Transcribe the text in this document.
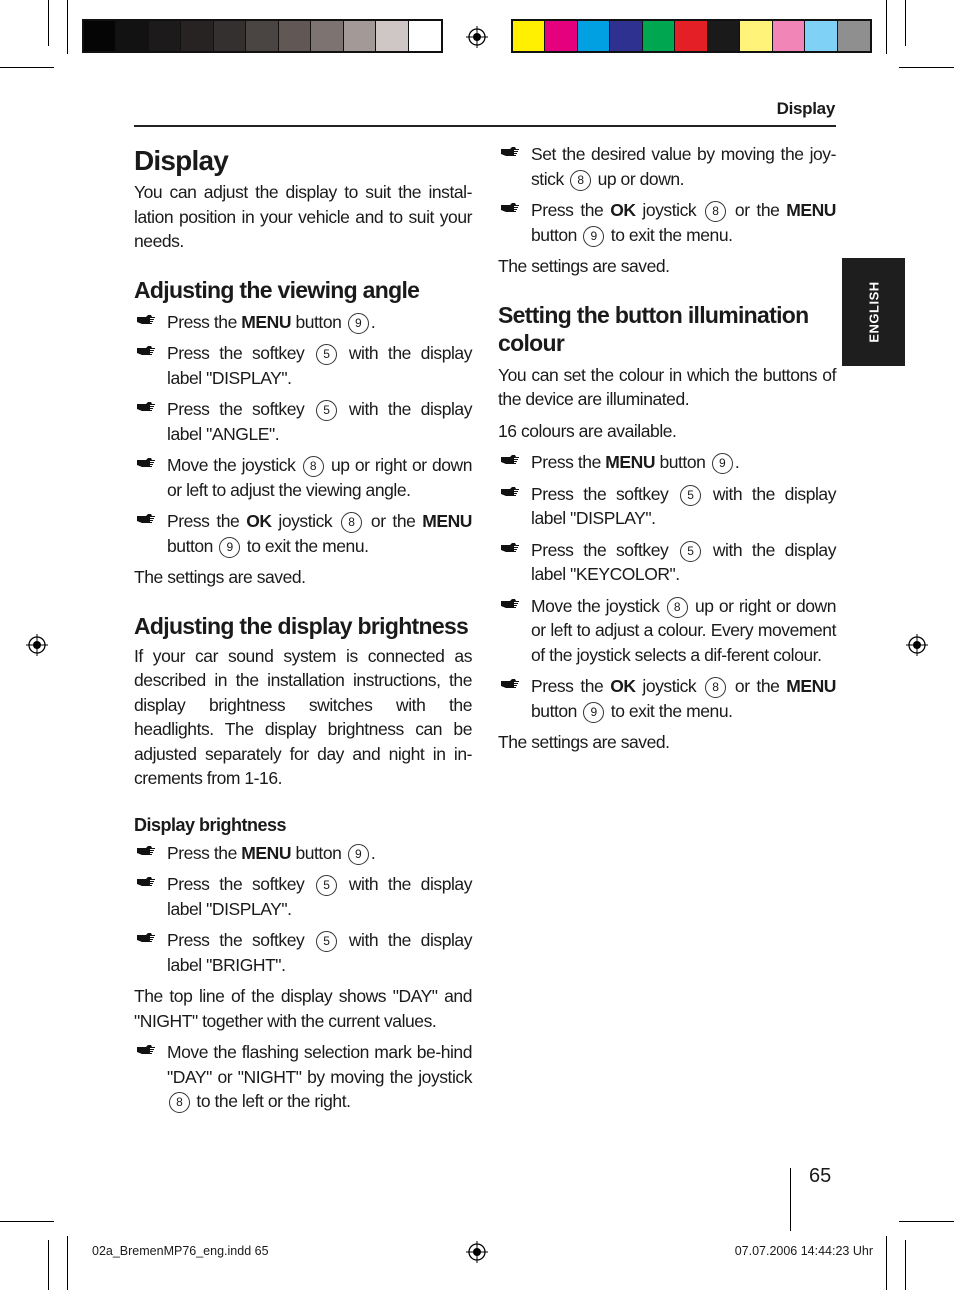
Display
ENGLISH
Display

You can adjust the display to suit the instal-lation position in your vehicle and to suit your needs.

Adjusting the viewing angle
Press the MENU button 9 .
Press the softkey 5 with the display label "DISPLAY".
Press the softkey 5 with the display label "ANGLE".
Move the joystick 8 up or right or down or left to adjust the viewing angle.
Press the OK joystick 8 or the MENU button 9 to exit the menu.

The settings are saved.

Adjusting the display brightness

If your car sound system is connected as described in the installation instructions, the display brightness switches with the headlights. The display brightness can be adjusted separately for day and night in in-crements from 1-16.

Display brightness
Press the MENU button 9 .
Press the softkey 5 with the display label "DISPLAY".
Press the softkey 5 with the display label "BRIGHT".

The top line of the display shows "DAY" and "NIGHT" together with the current values.

Move the flashing selection mark be-hind "DAY" or "NIGHT" by moving the joystick 8 to the left or the right.
Set the desired value by moving the joy-stick 8 up or down.
Press the OK joystick 8 or the MENU button 9 to exit the menu.

The settings are saved.

Setting the button illumination colour

You can set the colour in which the buttons of the device are illuminated.

16 colours are available.

Press the MENU button 9 .
Press the softkey 5 with the display label "DISPLAY".
Press the softkey 5 with the display label "KEYCOLOR".
Move the joystick 8 up or right or down or left to adjust a colour. Every movement of the joystick selects a dif-ferent colour.
Press the OK joystick 8 or the MENU button 9 to exit the menu.

The settings are saved.

65
02a_BremenMP76_eng.indd 65	07.07.2006 14:44:23 Uhr
